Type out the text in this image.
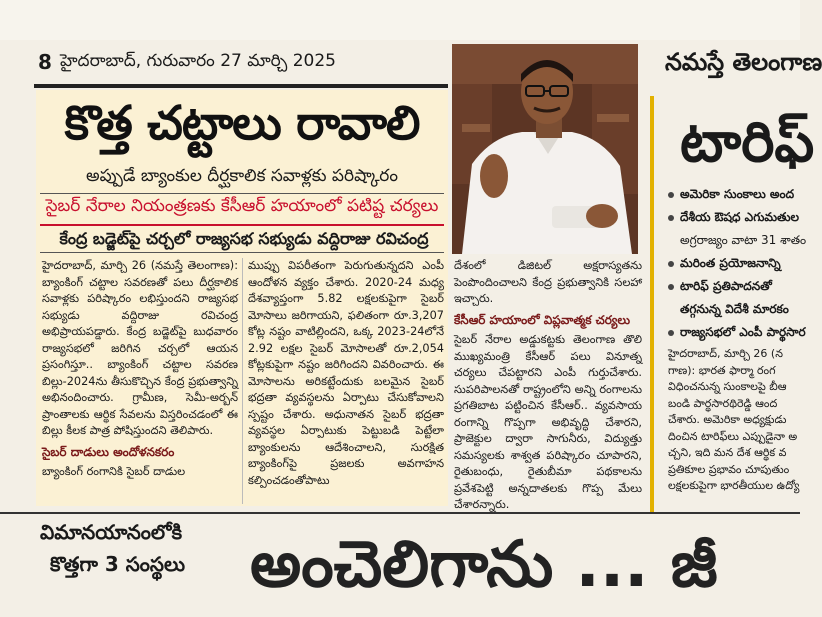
8 హైదరాబాద్, గురువారం 27 మార్చి 2025	నమస్తే తెలంగాణ
కొత్త చట్టాలు రావాలి
అప్పుడే బ్యాంకుల దీర్ఘకాలిక సవాళ్లకు పరిష్కారం
సైబర్ నేరాల నియంత్రణకు కేసీఆర్ హయాంలో పటిష్ట చర్యలు
కేంద్ర బడ్జెట్‌పై చర్చలో రాజ్యసభ సభ్యుడు వద్దిరాజు రవిచంద్ర

హైదరాబాద్, మార్చి 26 (నమస్తే తెలంగాణ): బ్యాంకింగ్ చట్టాల సవరణతో పలు దీర్ఘకాలిక సవాళ్లకు పరిష్కారం లభిస్తుందని రాజ్యసభ సభ్యుడు వద్దిరాజు రవిచంద్ర అభిప్రాయపడ్డారు. కేంద్ర బడ్జెట్‌పై బుధవారం రాజ్యసభలో జరిగిన చర్చలో ఆయన ప్రసంగిస్తూ.. బ్యాంకింగ్ చట్టాల సవరణ బిల్లు-2024ను తీసుకొచ్చిన కేంద్ర ప్రభుత్వాన్ని అభినందించారు. గ్రామీణ, సెమీ-అర్బన్ ప్రాంతాలకు ఆర్థిక సేవలను విస్తరించడంలో ఈ బిల్లు కీలక పాత్ర పోషిస్తుందని తెలిపారు.

సైబర్ దాడులు అందోళనకరం

బ్యాంకింగ్ రంగానికి సైబర్ దాడుల

ముప్పు విపరీతంగా పెరుగుతున్నదని ఎంపీ ఆందోళన వ్యక్తం చేశారు. 2020-24 మధ్య దేశవ్యాప్తంగా 5.82 లక్షలకుపైగా సైబర్ మోసాలు జరిగాయని, ఫలితంగా రూ.3,207 కోట్ల నష్టం వాటిల్లిందని, ఒక్క 2023-24లోనే 2.92 లక్షల సైబర్ మోసాలతో రూ.2,054 కోట్లకుపైగా నష్టం జరిగిందని వివరించారు. ఈ మోసాలను అరికట్టేందుకు బలమైన సైబర్ భద్రతా వ్యవస్థలను ఏర్పాటు చేసుకోవాలని స్పష్టం చేశారు. అధునాతన సైబర్ భద్రతా వ్యవస్థల ఏర్పాటుకు పెట్టుబడి పెట్టేలా బ్యాంకులను ఆదేశించాలని, సురక్షిత బ్యాంకింగ్‌పై ప్రజలకు అవగాహన కల్పించడంతోపాటు

దేశంలో డిజిటల్ అక్షరాస్యతను పెంపొందించాలని కేంద్ర ప్రభుత్వానికి సలహా ఇచ్చారు.

కేసీఆర్ హయాంలో విప్లవాత్మక చర్యలు

సైబర్ నేరాల అడ్డుకట్టకు తెలంగాణ తొలి ముఖ్యమంత్రి కేసీఆర్ పలు వినూత్న చర్యలు చేపట్టారని ఎంపీ గుర్తుచేశారు. సుపరిపాలనతో రాష్ట్రంలోని అన్ని రంగాలను ప్రగతిబాట పట్టించిన కేసీఆర్.. వ్యవసాయ రంగాన్ని గొప్పగా అభివృద్ధి చేశారని, ప్రాజెక్టుల ద్వారా సాగునీరు, విద్యుత్తు సమస్యలకు శాశ్వత పరిష్కారం చూపారని, రైతుబంధు, రైతుబీమా పథకాలను ప్రవేశపెట్టి అన్నదాతలకు గొప్ప మేలు చేశారన్నారు.

టారిఫ్
అమెరికా సుంకాలు అంద
దేశీయ ఔషధ ఎగుమతుల
అగ్రరాజ్యం వాటా 31 శాతం
మరింత ప్రయోజనాన్ని
టారిఫ్ ప్రతిపాదనతో
తగ్గనున్న విదేశీ మారకం
రాజ్యసభలో ఎంపీ పార్థసార

హైదరాబాద్, మార్చి 26 (న

గాణ): భారత ఫార్మా రంగ

విధించనున్న సుంకాలపై బీఆ

బండి పార్థసారథిరెడ్డి ఆంద

చేశారు. అమెరికా అధ్యక్షుడు

దించిన టారిఫ్‌లు ఎప్పుడైనా అ

చ్చని, ఇది మన దేశ ఆర్థిక వ

ప్రతికూల ప్రభావం చూపుతుం

లక్షలకుపైగా భారతీయుల ఉద్యో

విమానయానంలోకి
కొత్తగా 3 సంస్థలు అంచెలిగాను ... జీ
